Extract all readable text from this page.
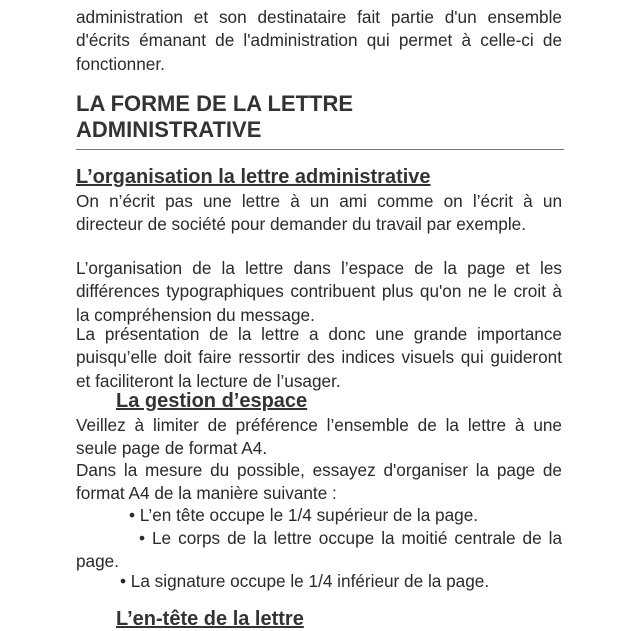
administration et son destinataire fait partie d'un ensemble d'écrits émanant de l'administration qui permet à celle-ci de fonctionner.

LA FORME DE LA LETTRE
ADMINISTRATIVE
L’organisation la lettre administrative

On n’écrit pas une lettre à un ami comme on l’écrit à un directeur de société pour demander du travail par exemple.

L’organisation de la lettre dans l’espace de la page et les différences typographiques contribuent plus qu'on ne le croit à la compréhension du message.

La présentation de la lettre a donc une grande importance puisqu’elle doit faire ressortir des indices visuels qui guideront et faciliteront la lecture de l’usager.

La gestion d’espace

Veillez à limiter de préférence l’ensemble de la lettre à une seule page de format A4.

Dans la mesure du possible, essayez d'organiser la page de format A4 de la manière suivante :

• L’en tête occupe le 1/4 supérieur de la page.

• Le corps de la lettre occupe la moitié centrale de la page.

• La signature occupe le 1/4 inférieur de la page.

L’en-tête de la lettre
